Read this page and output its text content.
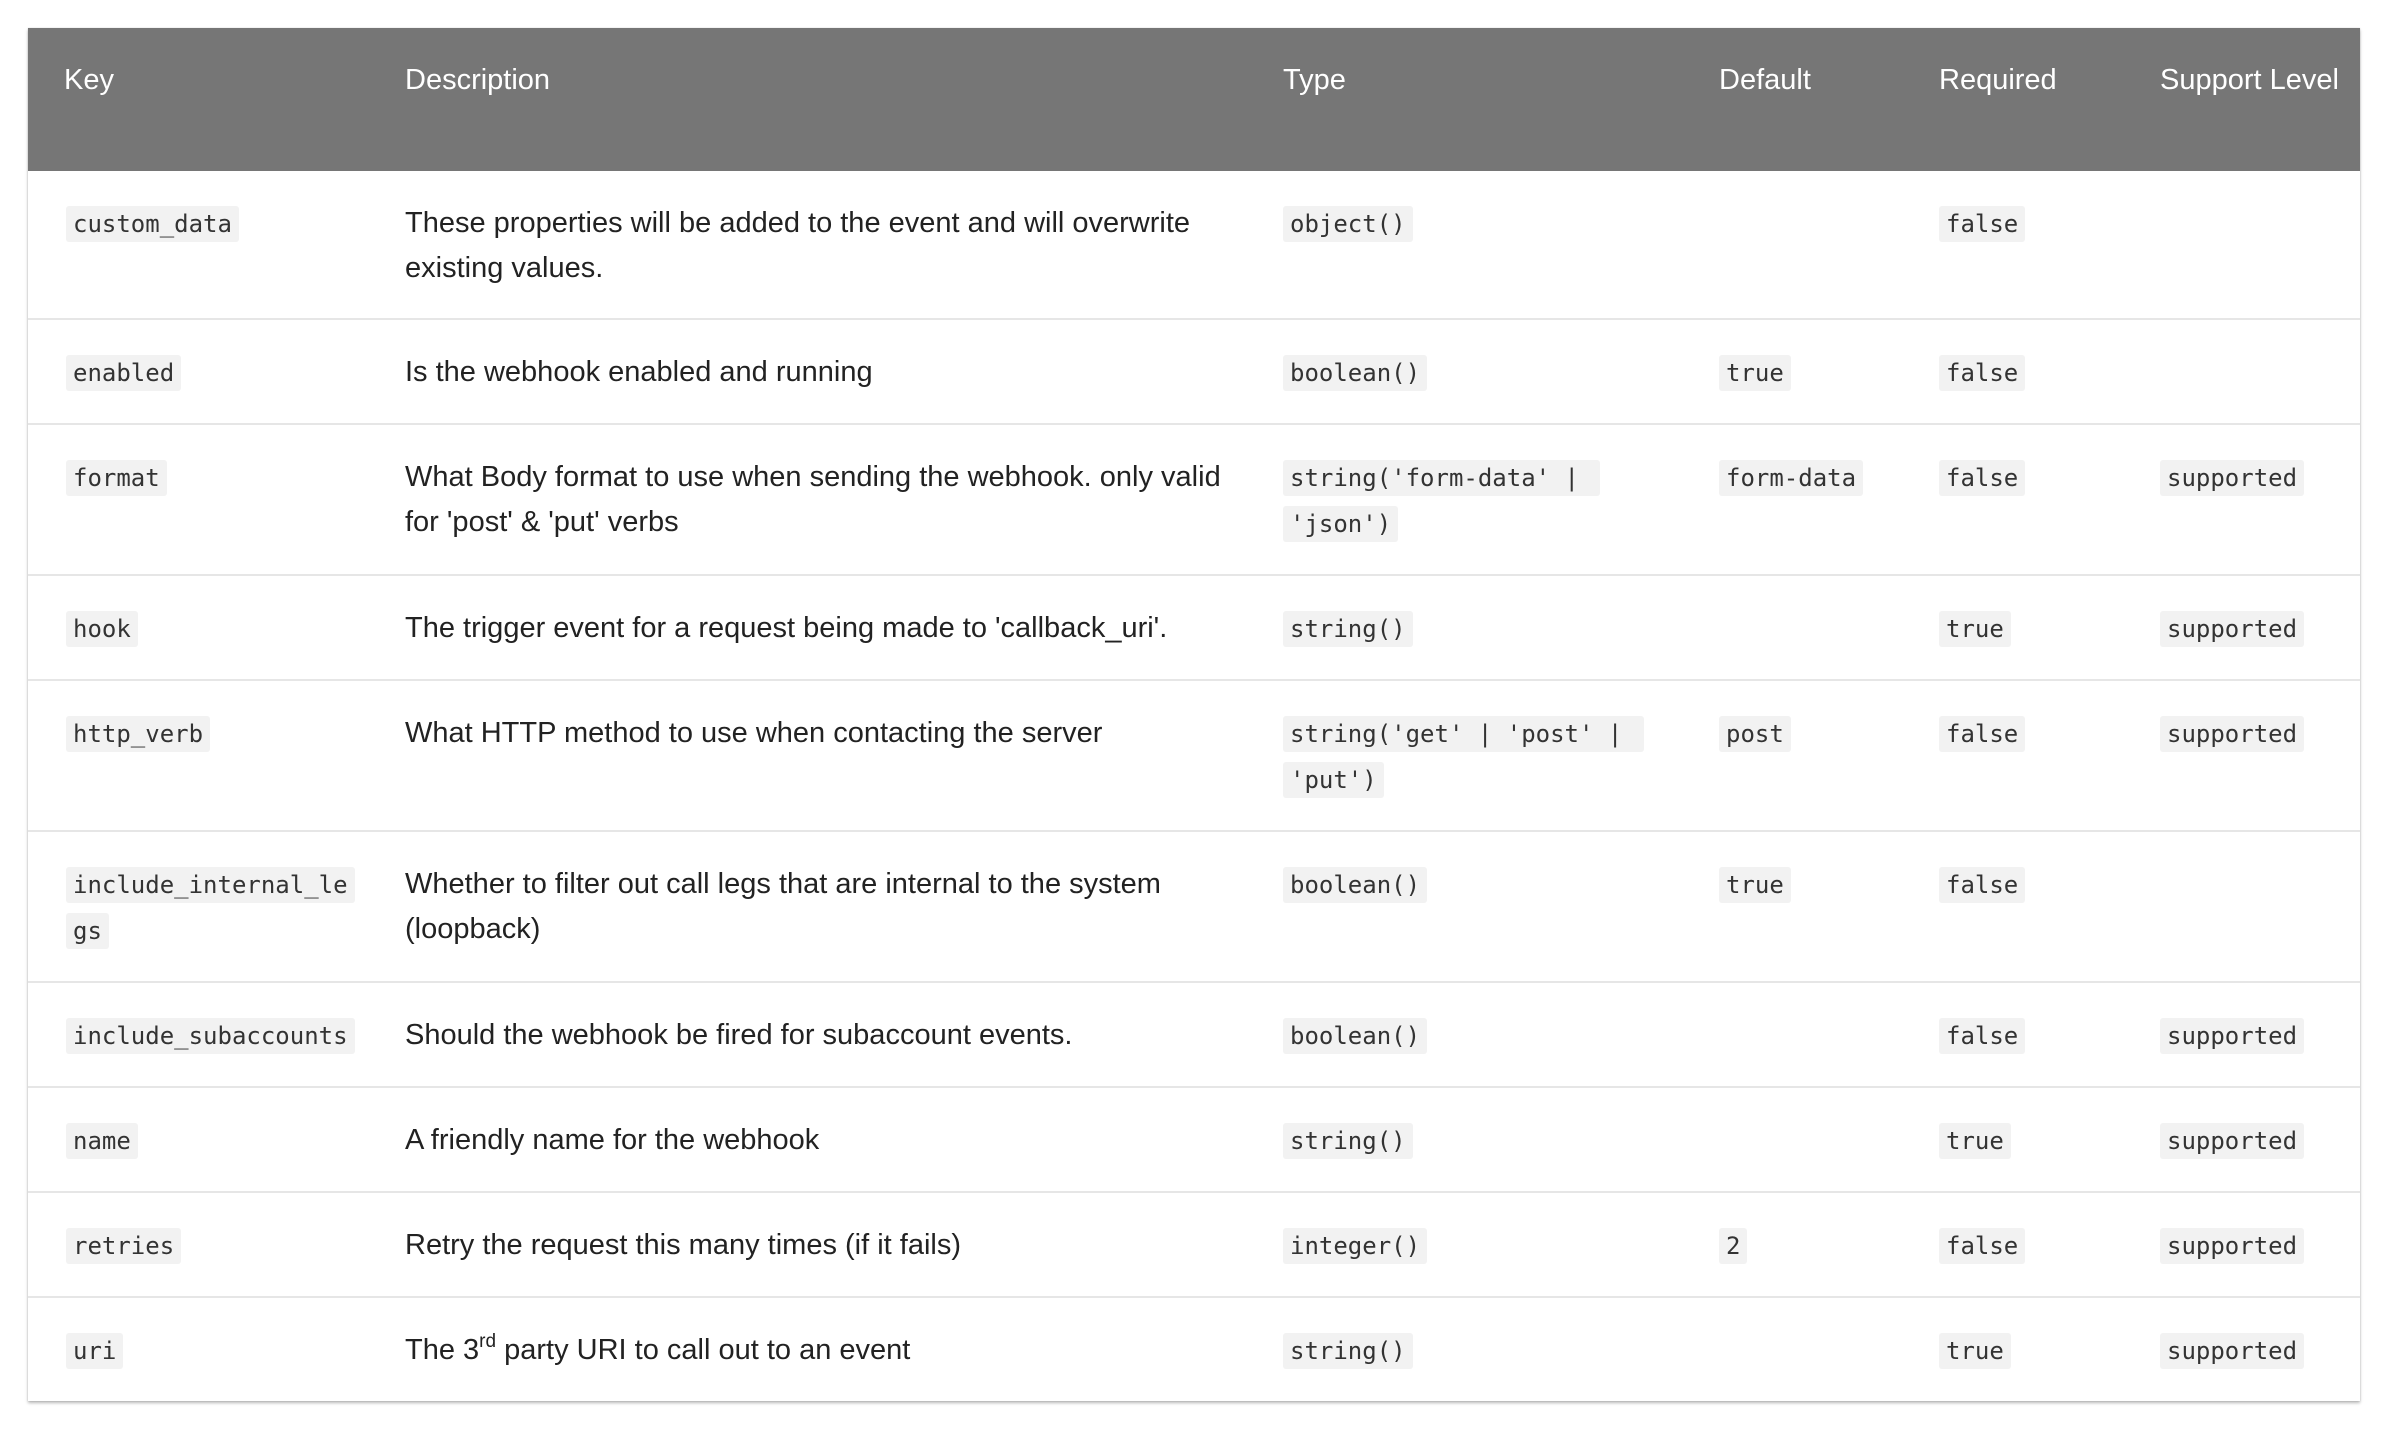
Key	Description	Type	Default	Required	Support Level
custom_data	These properties will be added to the event and will overwrite existing values.	object()		false	
enabled	Is the webhook enabled and running	boolean()	true	false	
format	What Body format to use when sending the webhook. only valid for 'post' & 'put' verbs	string('form-data' | 'json')	form-data	false	supported
hook	The trigger event for a request being made to 'callback_uri'.	string()		true	supported
http_verb	What HTTP method to use when contacting the server	string('get' | 'post' | 'put')	post	false	supported
include_internal_legs	Whether to filter out call legs that are internal to the system (loopback)	boolean()	true	false	
include_subaccounts	Should the webhook be fired for subaccount events.	boolean()		false	supported
name	A friendly name for the webhook	string()		true	supported
retries	Retry the request this many times (if it fails)	integer()	2	false	supported
uri	The 3rd party URI to call out to an event	string()		true	supported
